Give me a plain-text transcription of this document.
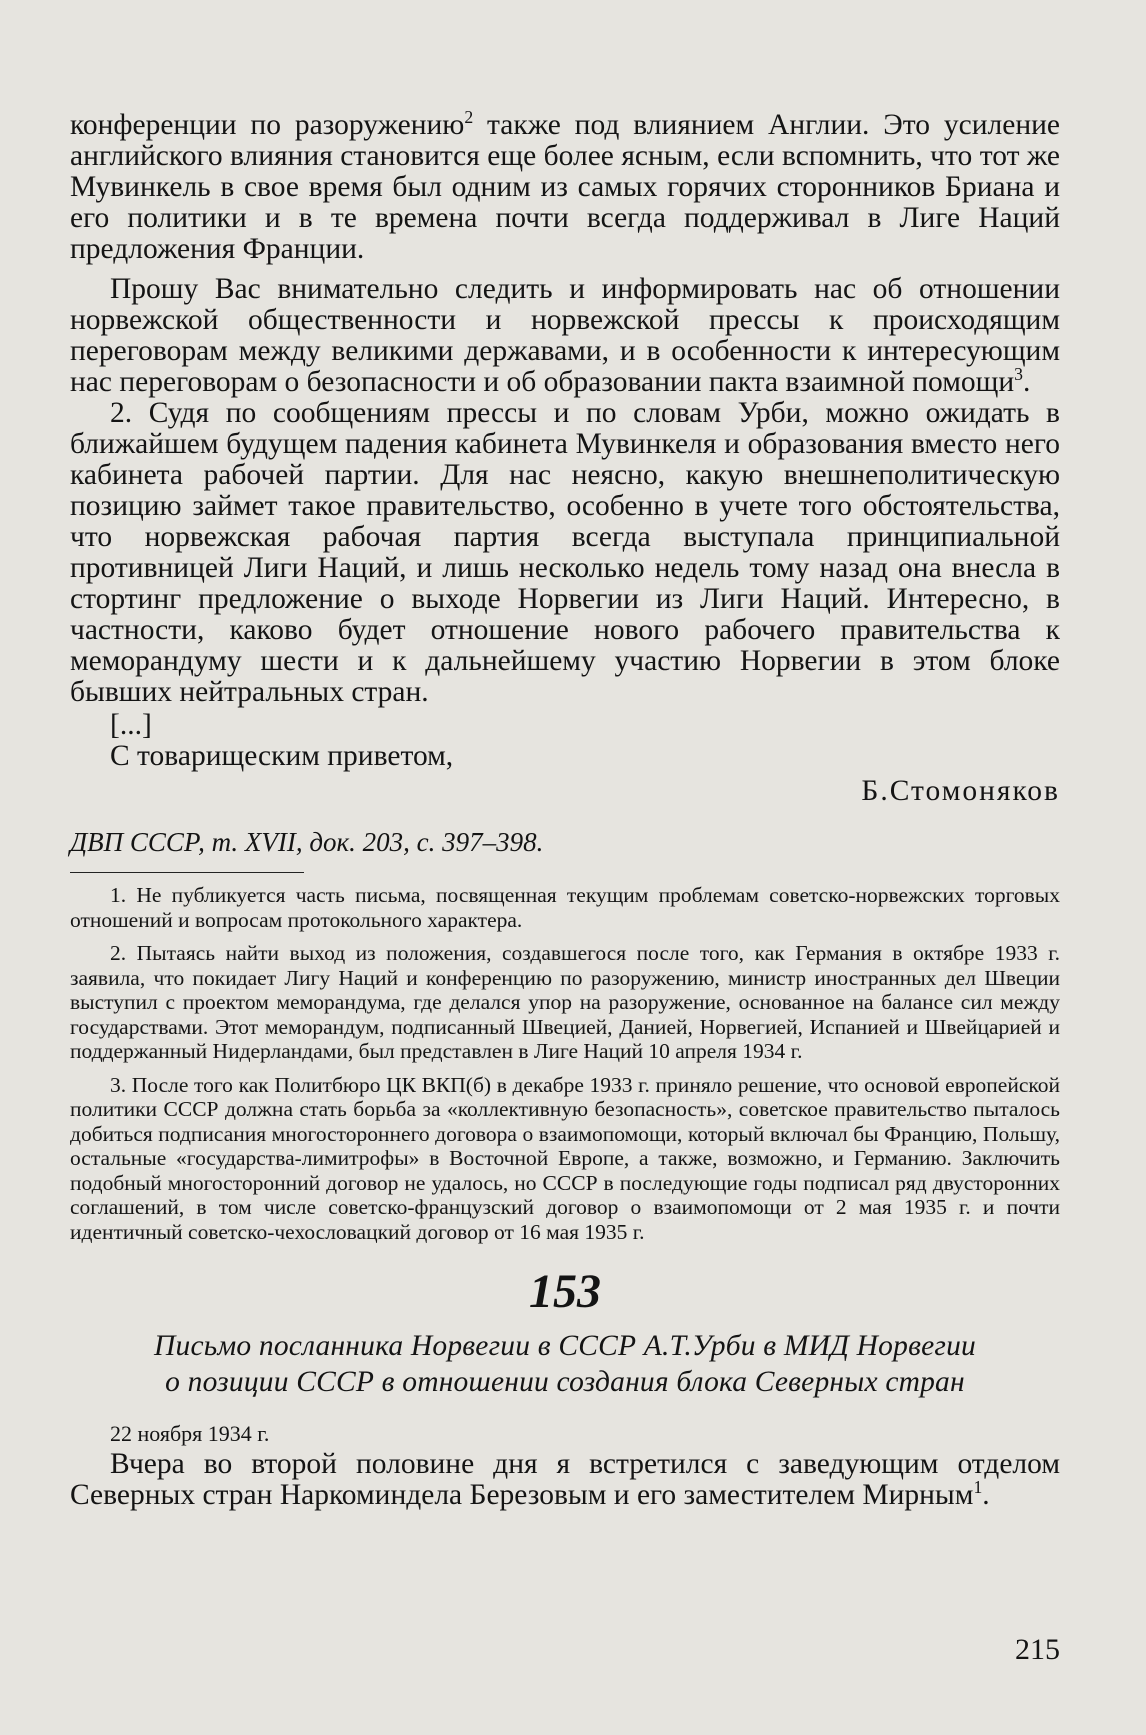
конференции по разоружению$^2$ также под влиянием Англии. Это усиление английского влияния становится еще более ясным, если вспомнить, что тот же Мувинкель в свое время был одним из самых горячих сторонников Бриана и его политики и в те времена почти всегда поддерживал в Лиге Наций предложения Франции.

Прошу Вас внимательно следить и информировать нас об отношении норвежской общественности и норвежской прессы к происходящим переговорам между великими державами, и в особенности к интересующим нас переговорам о безопасности и об образовании пакта взаимной помощи$^3$.

2. Судя по сообщениям прессы и по словам Урби, можно ожидать в ближайшем будущем падения кабинета Мувинкеля и образования вместо него кабинета рабочей партии. Для нас неясно, какую внешнеполитическую позицию займет такое правительство, особенно в учете того обстоятельства, что норвежская рабочая партия всегда выступала принципиальной противницей Лиги Наций, и лишь несколько недель тому назад она внесла в стортинг предложение о выходе Норвегии из Лиги Наций. Интересно, в частности, каково будет отношение нового рабочего правительства к меморандуму шести и к дальнейшему участию Норвегии в этом блоке бывших нейтральных стран.

[...]

С товарищеским приветом,

Б.Стомоняков
ДВП СССР, т. XVII, док. 203, с. 397–398.

1. Не публикуется часть письма, посвященная текущим проблемам советско-норвежских торговых отношений и вопросам протокольного характера.

2. Пытаясь найти выход из положения, создавшегося после того, как Германия в октябре 1933 г. заявила, что покидает Лигу Наций и конференцию по разоружению, министр иностранных дел Швеции выступил с проектом меморандума, где делался упор на разоружение, основанное на балансе сил между государствами. Этот меморандум, подписанный Швецией, Данией, Норвегией, Испанией и Швейцарией и поддержанный Нидерландами, был представлен в Лиге Наций 10 апреля 1934 г.

3. После того как Политбюро ЦК ВКП(б) в декабре 1933 г. приняло решение, что основой европейской политики СССР должна стать борьба за «коллективную безопасность», советское правительство пыталось добиться подписания многостороннего договора о взаимопомощи, который включал бы Францию, Польшу, остальные «государства-лимитрофы» в Восточной Европе, а также, возможно, и Германию. Заключить подобный многосторонний договор не удалось, но СССР в последующие годы подписал ряд двусторонних соглашений, в том числе советско-французский договор о взаимопомощи от 2 мая 1935 г. и почти идентичный советско-чехословацкий договор от 16 мая 1935 г.

153
Письмо посланника Норвегии в СССР А.Т.Урби в МИД Норвегии
о позиции СССР в отношении создания блока Северных стран
22 ноября 1934 г.

Вчера во второй половине дня я встретился с заведующим отделом Северных стран Наркоминдела Березовым и его заместителем Мирным$^1$.

215
